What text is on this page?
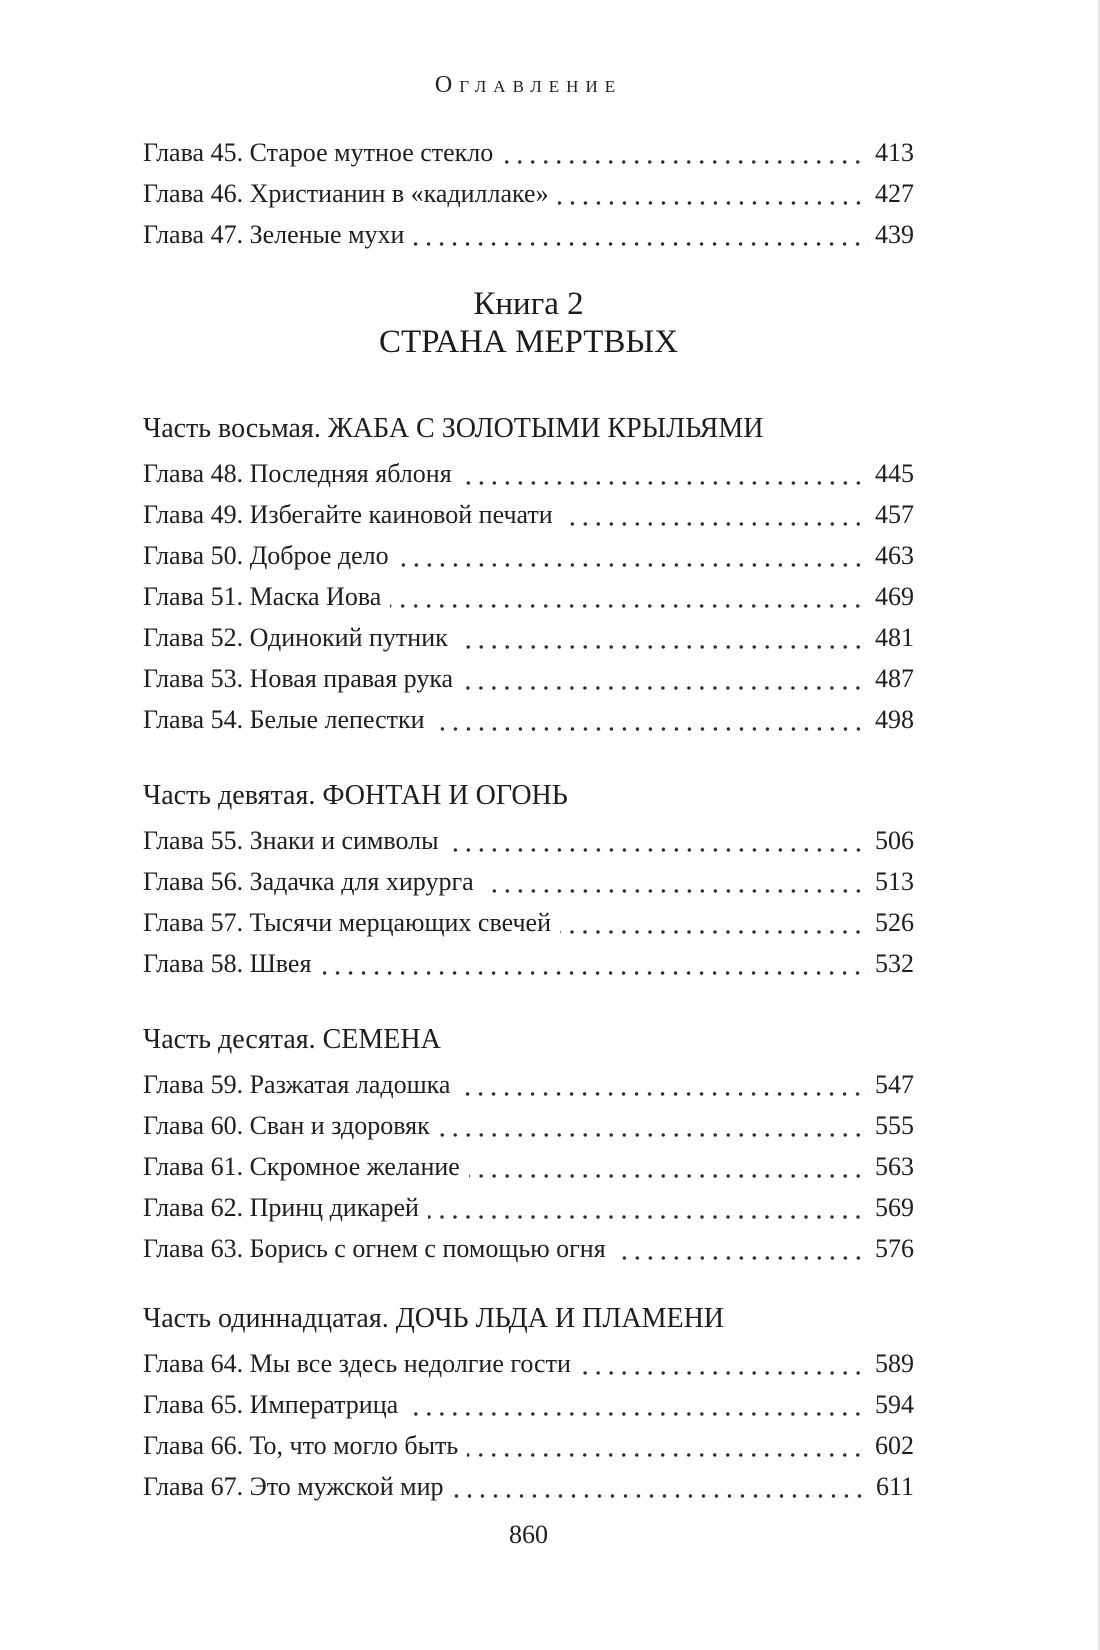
Оглавление
Глава 45. Старое мутное стекло	413
Глава 46. Христианин в «кадиллаке»	427
Глава 47. Зеленые мухи	439
Книга 2
СТРАНА МЕРТВЫХ
Часть восьмая. ЖАБА С ЗОЛОТЫМИ КРЫЛЬЯМИ
Глава 48. Последняя яблоня	445
Глава 49. Избегайте каиновой печати	457
Глава 50. Доброе дело	463
Глава 51. Маска Иова	469
Глава 52. Одинокий путник	481
Глава 53. Новая правая рука	487
Глава 54. Белые лепестки	498
Часть девятая. ФОНТАН И ОГОНЬ
Глава 55. Знаки и символы	506
Глава 56. Задачка для хирурга	513
Глава 57. Тысячи мерцающих свечей	526
Глава 58. Швея	532
Часть десятая. СЕМЕНА
Глава 59. Разжатая ладошка	547
Глава 60. Сван и здоровяк	555
Глава 61. Скромное желание	563
Глава 62. Принц дикарей	569
Глава 63. Борись с огнем с помощью огня	576
Часть одиннадцатая. ДОЧЬ ЛЬДА И ПЛАМЕНИ
Глава 64. Мы все здесь недолгие гости	589
Глава 65. Императрица	594
Глава 66. То, что могло быть	602
Глава 67. Это мужской мир	611
860
